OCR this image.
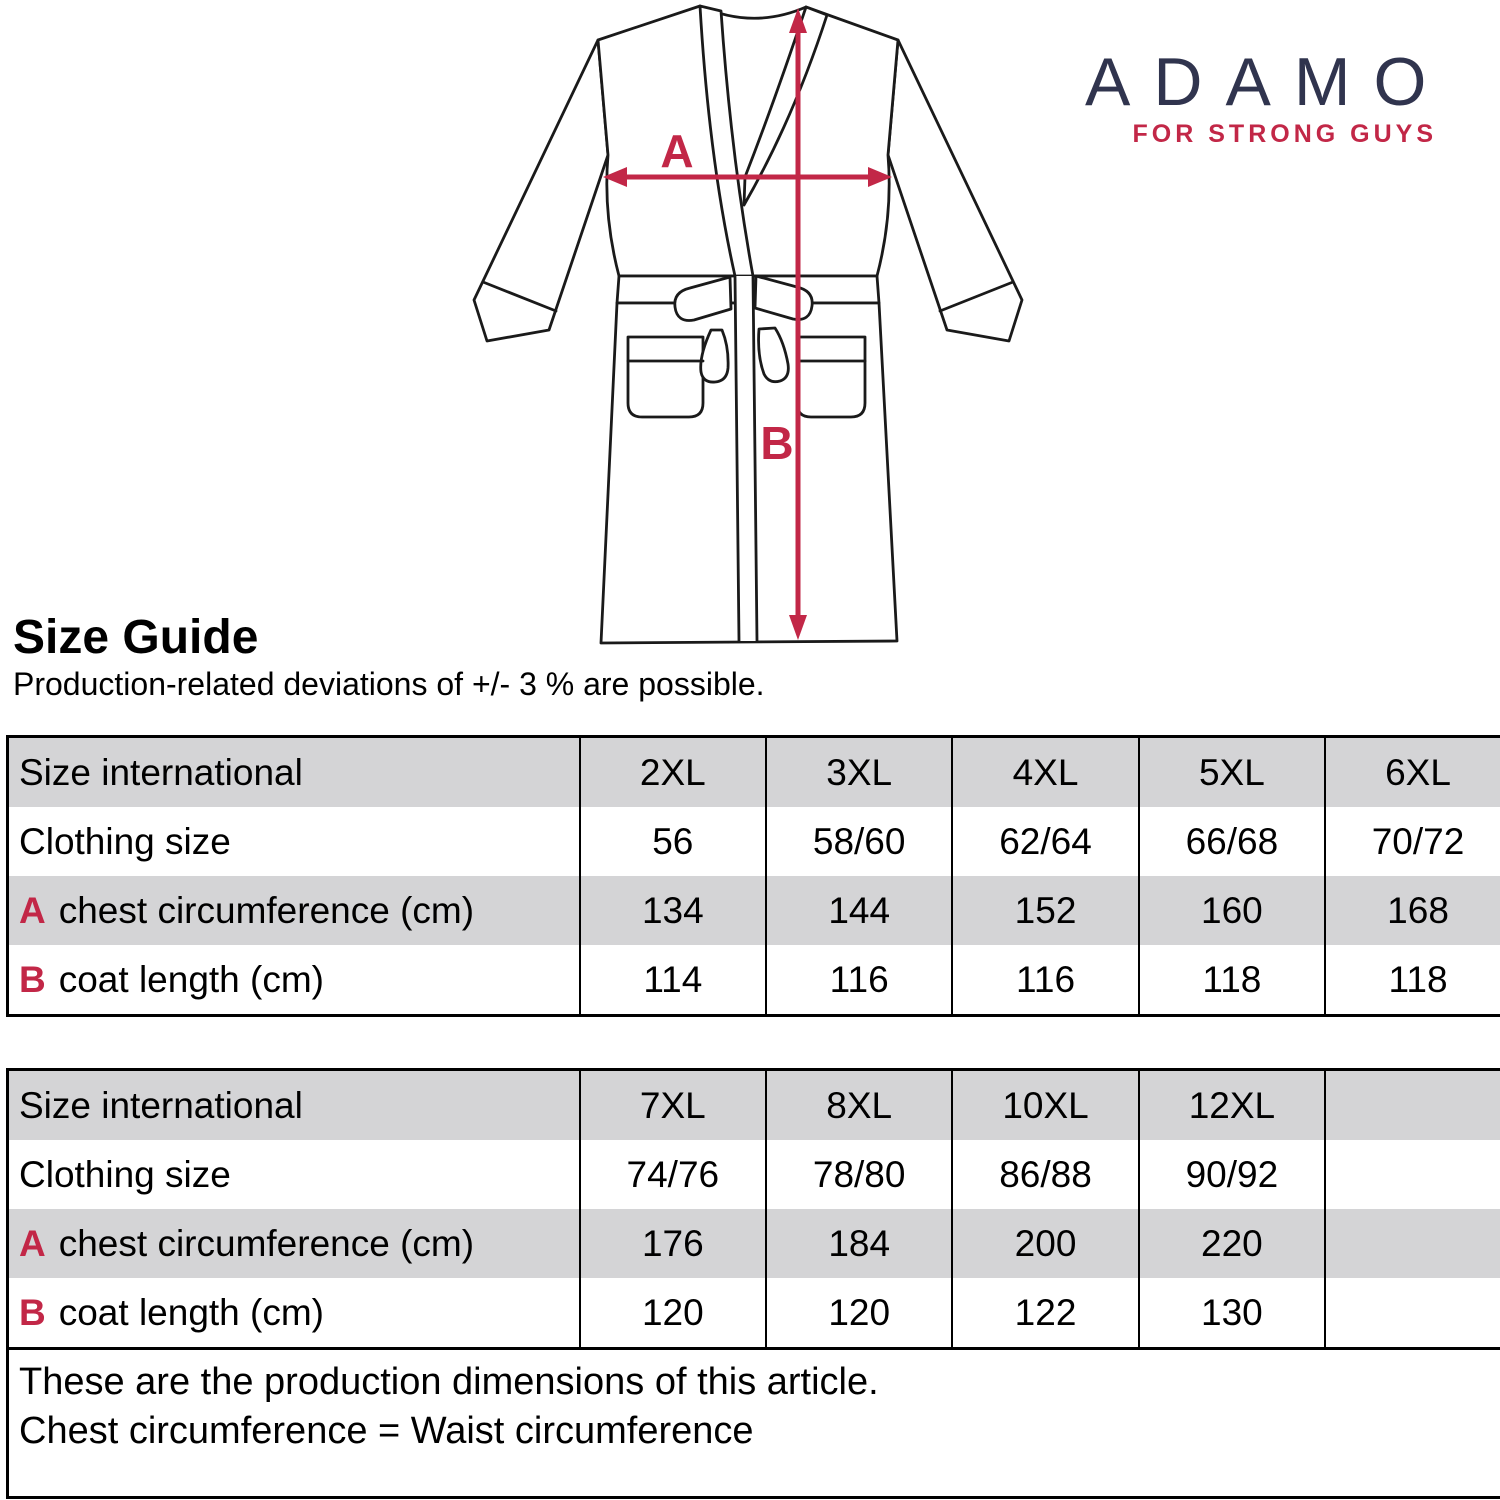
A
B
ADAMO
FOR STRONG GUYS
Size Guide

Production-related deviations of +/- 3 % are possible.

Size international	2XL	3XL	4XL	5XL	6XL
Clothing size	56	58/60	62/64	66/68	70/72
A chest circumference (cm)	134	144	152	160	168
B coat length (cm)	114	116	116	118	118
Size international	7XL	8XL	10XL	12XL	
Clothing size	74/76	78/80	86/88	90/92	
A chest circumference (cm)	176	184	200	220	
B coat length (cm)	120	120	122	130	

These are the production dimensions of this article.
Chest circumference = Waist circumference					
